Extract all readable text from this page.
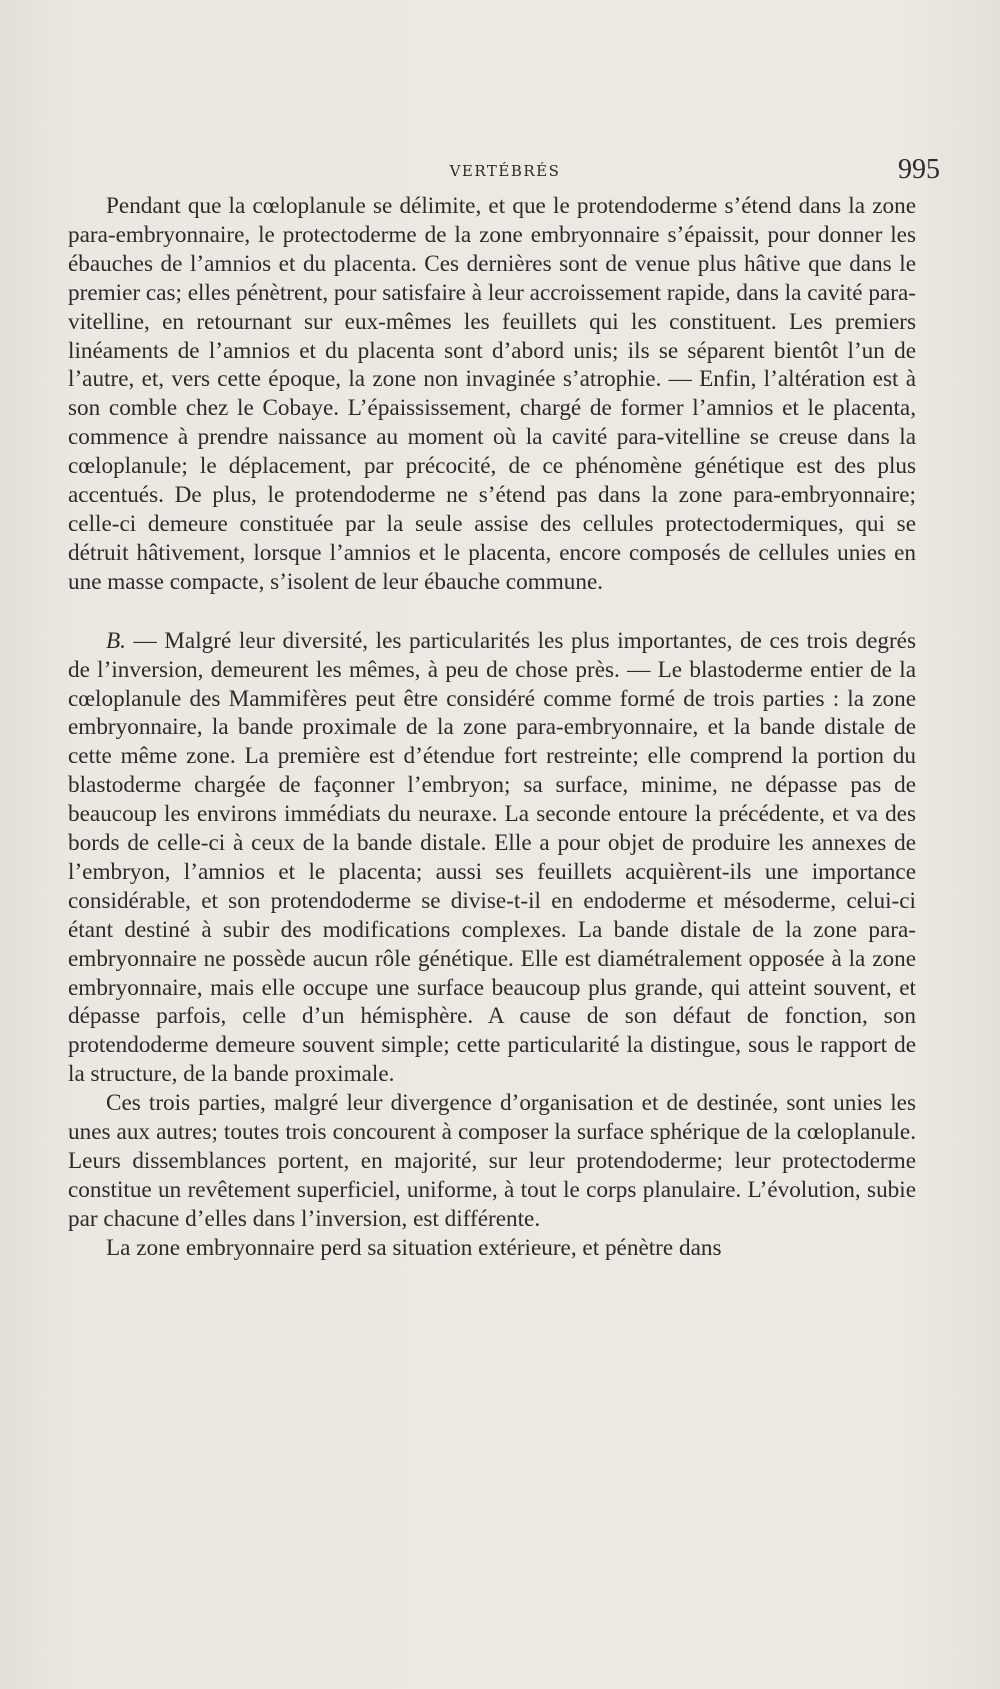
VERTÉBRÉS	995

Pendant que la cœloplanule se délimite, et que le protendoderme s’étend dans la zone para-embryonnaire, le protectoderme de la zone embryonnaire s’épaissit, pour donner les ébauches de l’amnios et du placenta. Ces dernières sont de venue plus hâtive que dans le premier cas; elles pénètrent, pour satisfaire à leur accroissement rapide, dans la cavité para-vitelline, en retournant sur eux-mêmes les feuillets qui les constituent. Les premiers linéaments de l’amnios et du placenta sont d’abord unis; ils se séparent bientôt l’un de l’autre, et, vers cette époque, la zone non invaginée s’atrophie. — Enfin, l’altération est à son comble chez le Cobaye. L’épaississement, chargé de former l’amnios et le placenta, commence à prendre naissance au moment où la cavité para-vitelline se creuse dans la cœloplanule; le déplacement, par précocité, de ce phénomène génétique est des plus accentués. De plus, le protendoderme ne s’étend pas dans la zone para-embryonnaire; celle-ci demeure constituée par la seule assise des cellules protectodermiques, qui se détruit hâtivement, lorsque l’amnios et le placenta, encore composés de cellules unies en une masse compacte, s’isolent de leur ébauche commune.

B. — Malgré leur diversité, les particularités les plus importantes, de ces trois degrés de l’inversion, demeurent les mêmes, à peu de chose près. — Le blastoderme entier de la cœloplanule des Mammifères peut être considéré comme formé de trois parties : la zone embryonnaire, la bande proximale de la zone para-embryonnaire, et la bande distale de cette même zone. La première est d’étendue fort restreinte; elle comprend la portion du blastoderme chargée de façonner l’embryon; sa surface, minime, ne dépasse pas de beaucoup les environs immédiats du neuraxe. La seconde entoure la précédente, et va des bords de celle-ci à ceux de la bande distale. Elle a pour objet de produire les annexes de l’embryon, l’amnios et le placenta; aussi ses feuillets acquièrent-ils une importance considérable, et son protendoderme se divise-t-il en endoderme et mésoderme, celui-ci étant destiné à subir des modifications complexes. La bande distale de la zone para-embryonnaire ne possède aucun rôle génétique. Elle est diamétralement opposée à la zone embryonnaire, mais elle occupe une surface beaucoup plus grande, qui atteint souvent, et dépasse parfois, celle d’un hémisphère. A cause de son défaut de fonction, son protendoderme demeure souvent simple; cette particularité la distingue, sous le rapport de la structure, de la bande proximale.

Ces trois parties, malgré leur divergence d’organisation et de destinée, sont unies les unes aux autres; toutes trois concourent à composer la surface sphérique de la cœloplanule. Leurs dissemblances portent, en majorité, sur leur protendoderme; leur protectoderme constitue un revêtement superficiel, uniforme, à tout le corps planulaire. L’évolution, subie par chacune d’elles dans l’inversion, est différente.

La zone embryonnaire perd sa situation extérieure, et pénètre dans
